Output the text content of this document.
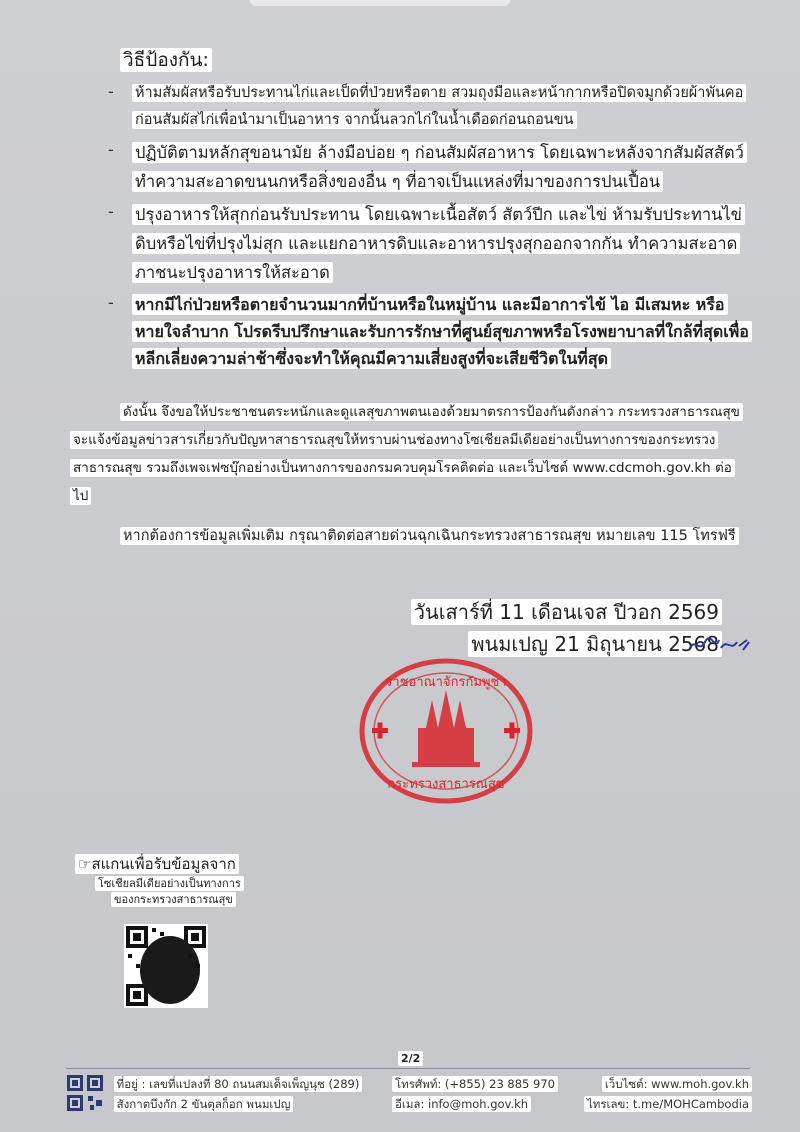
วิธีป้องกัน:
- ห้ามสัมผัสหรือรับประทานไก่และเป็ดที่ป่วยหรือตาย สวมถุงมือและหน้ากากหรือปิดจมูกด้วยผ้าพันคอก่อนสัมผัสไก่เพื่อนำมาเป็นอาหาร จากนั้นลวกไก่ในน้ำเดือดก่อนถอนขน
- ปฏิบัติตามหลักสุขอนามัย ล้างมือบ่อย ๆ ก่อนสัมผัสอาหาร โดยเฉพาะหลังจากสัมผัสสัตว์ ทำความสะอาดขนนกหรือสิ่งของอื่น ๆ ที่อาจเป็นแหล่งที่มาของการปนเปื้อน
- ปรุงอาหารให้สุกก่อนรับประทาน โดยเฉพาะเนื้อสัตว์ สัตว์ปีก และไข่ ห้ามรับประทานไข่ดิบหรือไข่ที่ปรุงไม่สุก และแยกอาหารดิบและอาหารปรุงสุกออกจากกัน ทำความสะอาดภาชนะปรุงอาหารให้สะอาด
- หากมีไก่ป่วยหรือตายจำนวนมากที่บ้านหรือในหมู่บ้าน และมีอาการไข้ ไอ มีเสมหะ หรือหายใจลำบาก โปรดรีบปรึกษาและรับการรักษาที่ศูนย์สุขภาพหรือโรงพยาบาลที่ใกล้ที่สุดเพื่อหลีกเลี่ยงความล่าช้าซึ่งจะทำให้คุณมีความเสี่ยงสูงที่จะเสียชีวิตในที่สุด
ดังนั้น จึงขอให้ประชาชนตระหนักและดูแลสุขภาพตนเองด้วยมาตรการป้องกันดังกล่าว กระทรวงสาธารณสุขจะแจ้งข้อมูลข่าวสารเกี่ยวกับปัญหาสาธารณสุขให้ทราบผ่านช่องทางโซเชียลมีเดียอย่างเป็นทางการของกระทรวงสาธารณสุข รวมถึงเพจเฟซบุ๊กอย่างเป็นทางการของกรมควบคุมโรคติดต่อ และเว็บไซต์ www.cdcmoh.gov.kh ต่อไป
หากต้องการข้อมูลเพิ่มเติม กรุณาติดต่อสายด่วนฉุกเฉินกระทรวงสาธารณสุข หมายเลข 115 โทรฟรี
วันเสาร์ที่ 11 เดือนเจส ปีวอก 2569
พนมเปญ 21 มิถุนายน 2568
ราชอาณาจักรกัมพูชา
กระทรวงสาธารณสุข
☞สแกนเพื่อรับข้อมูลจาก
โซเชียลมีเดียอย่างเป็นทางการ
ของกระทรวงสาธารณสุข
2/2

ที่อยู่ : เลขที่แปลงที่ 80 ถนนสมเด็จเพ็ญนุช (289)
สังกาตบึงกัก 2 ขันตุลก็อก พนมเปญ
โทรศัพท์: (+855) 23 885 970
อีเมล: info@moh.gov.kh
เว็บไซต์: www.moh.gov.kh
ไทรเลข: t.me/MOHCambodia
